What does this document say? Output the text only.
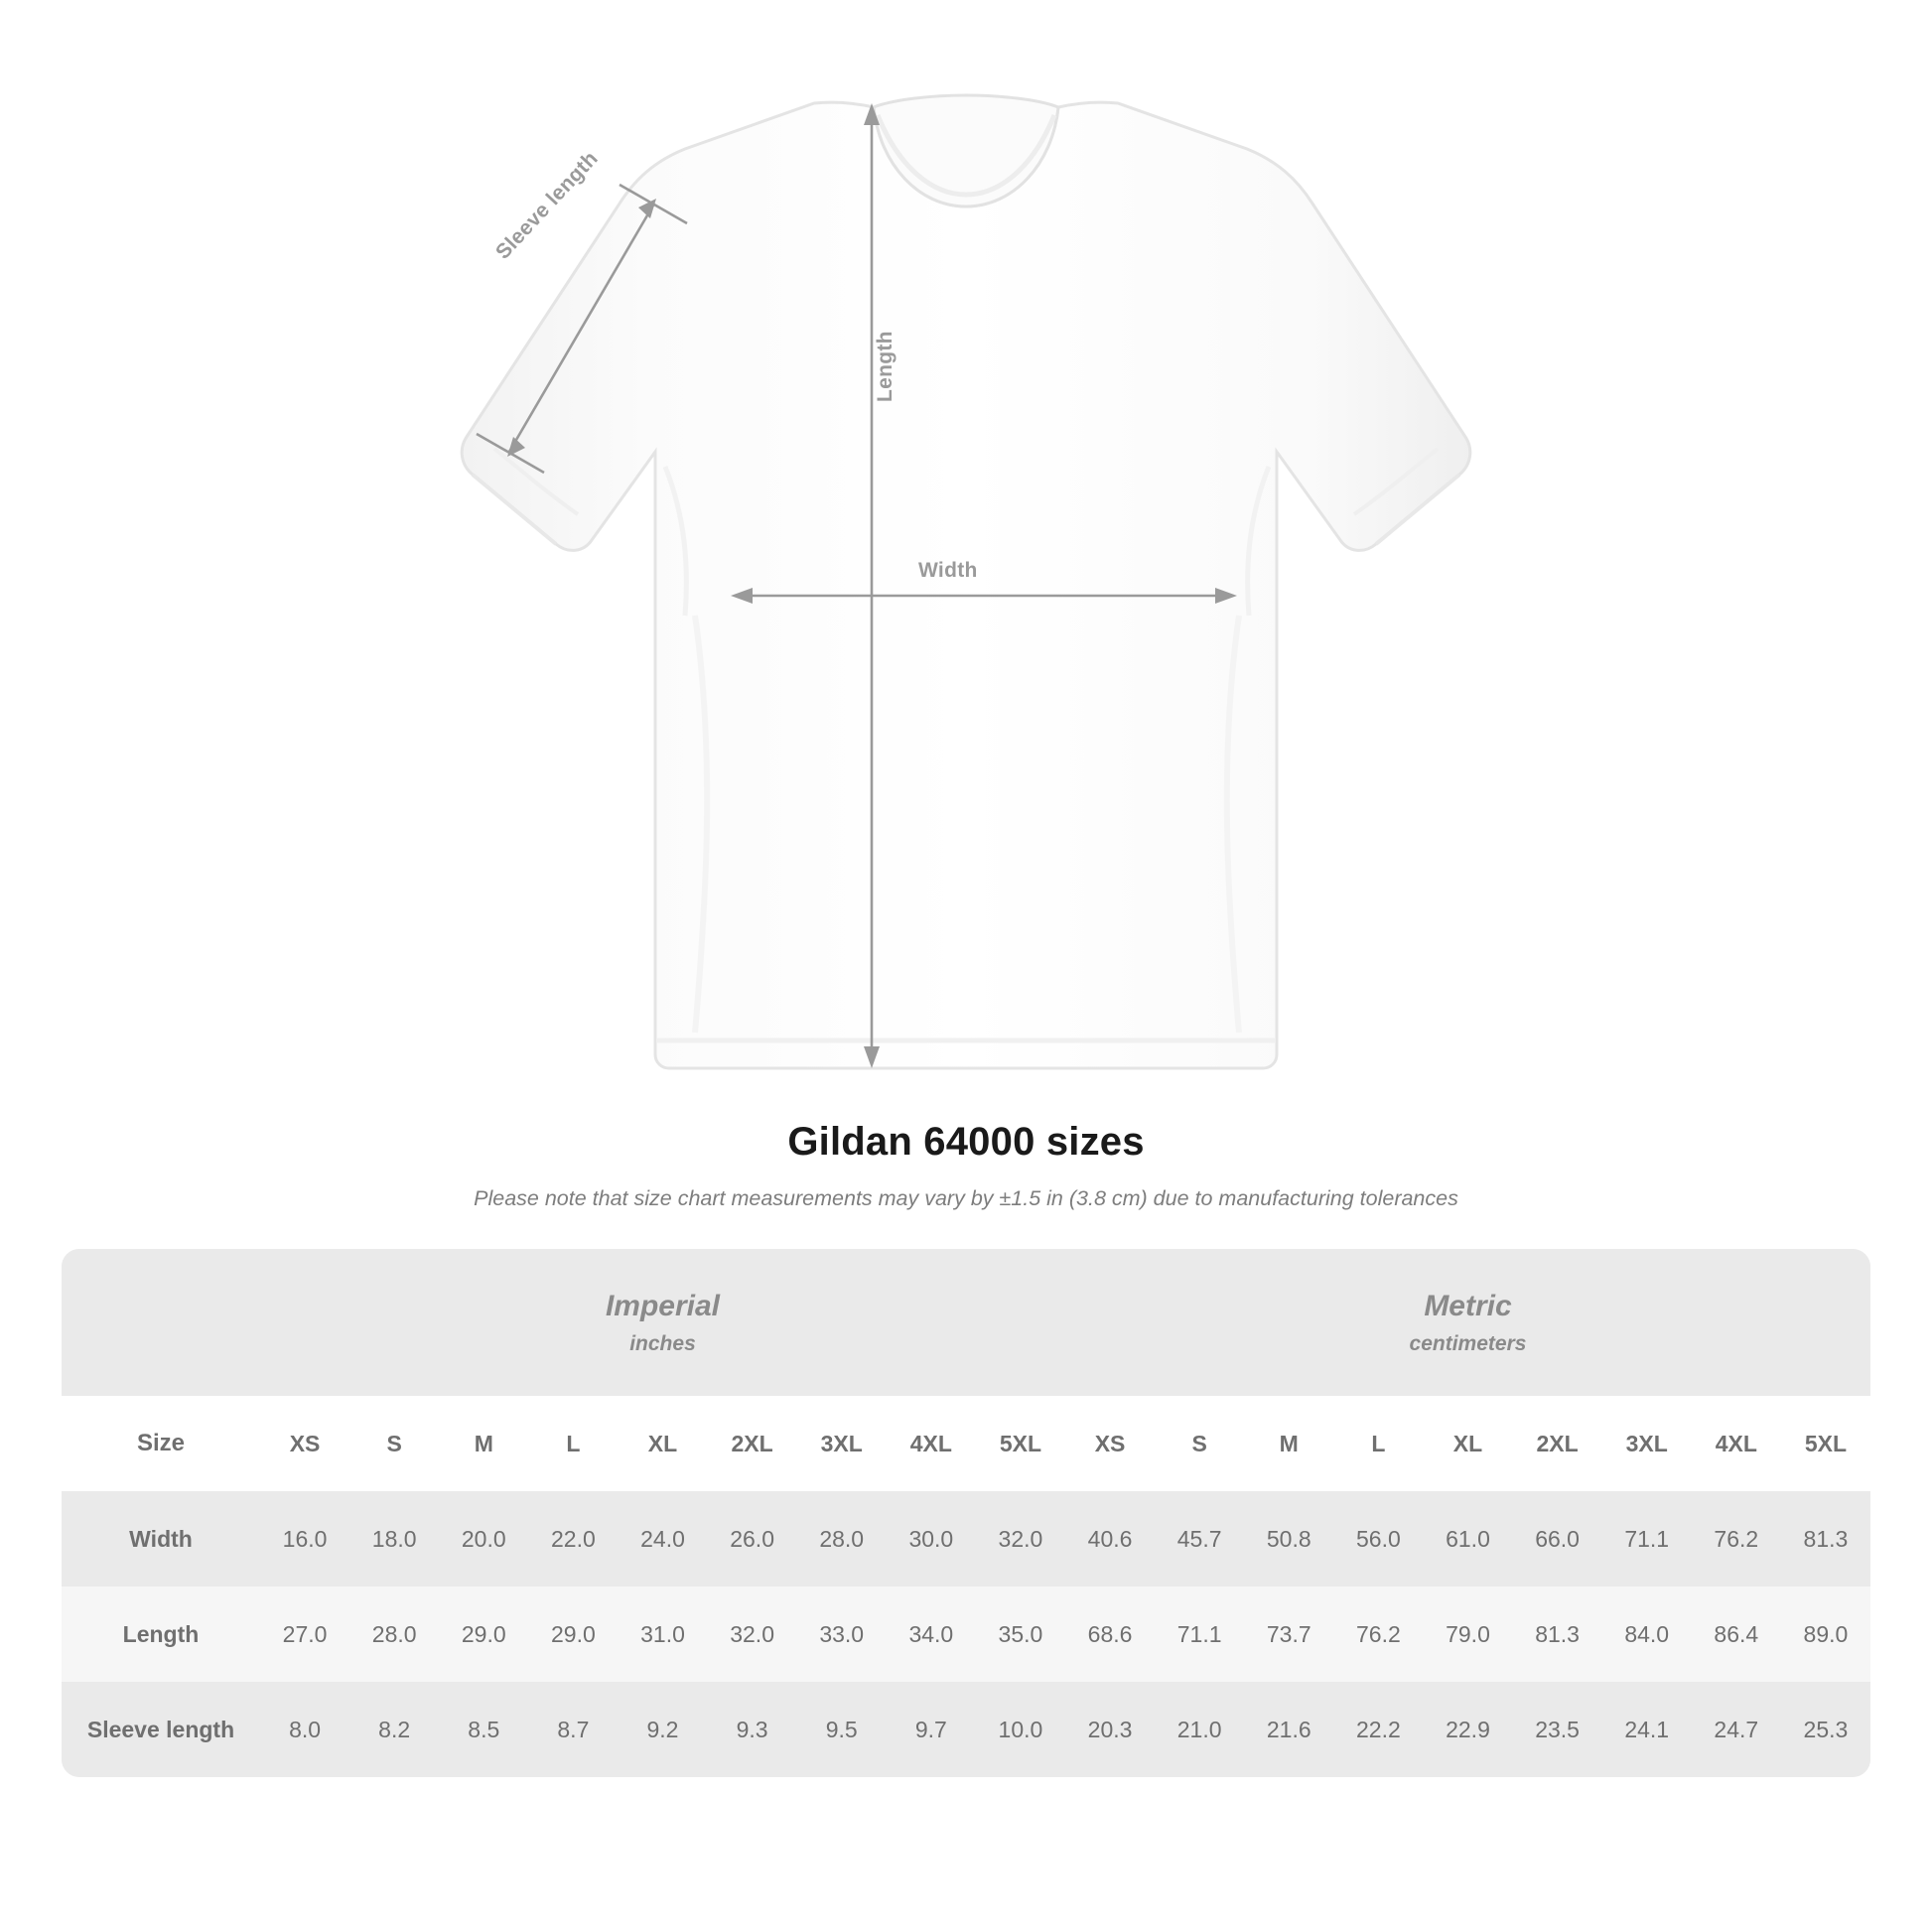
Width
Length
Sleeve length
Gildan 64000 sizes
Please note that size chart measurements may vary by ±1.5 in (3.8 cm) due to manufacturing tolerances

	Imperial
inches									Metric
centimeters								

Size	XS	S	M	L	XL	2XL	3XL	4XL	5XL	XS	S	M	L	XL	2XL	3XL	4XL	5XL
Width	16.0	18.0	20.0	22.0	24.0	26.0	28.0	30.0	32.0	40.6	45.7	50.8	56.0	61.0	66.0	71.1	76.2	81.3
Length	27.0	28.0	29.0	29.0	31.0	32.0	33.0	34.0	35.0	68.6	71.1	73.7	76.2	79.0	81.3	84.0	86.4	89.0
Sleeve length	8.0	8.2	8.5	8.7	9.2	9.3	9.5	9.7	10.0	20.3	21.0	21.6	22.2	22.9	23.5	24.1	24.7	25.3
